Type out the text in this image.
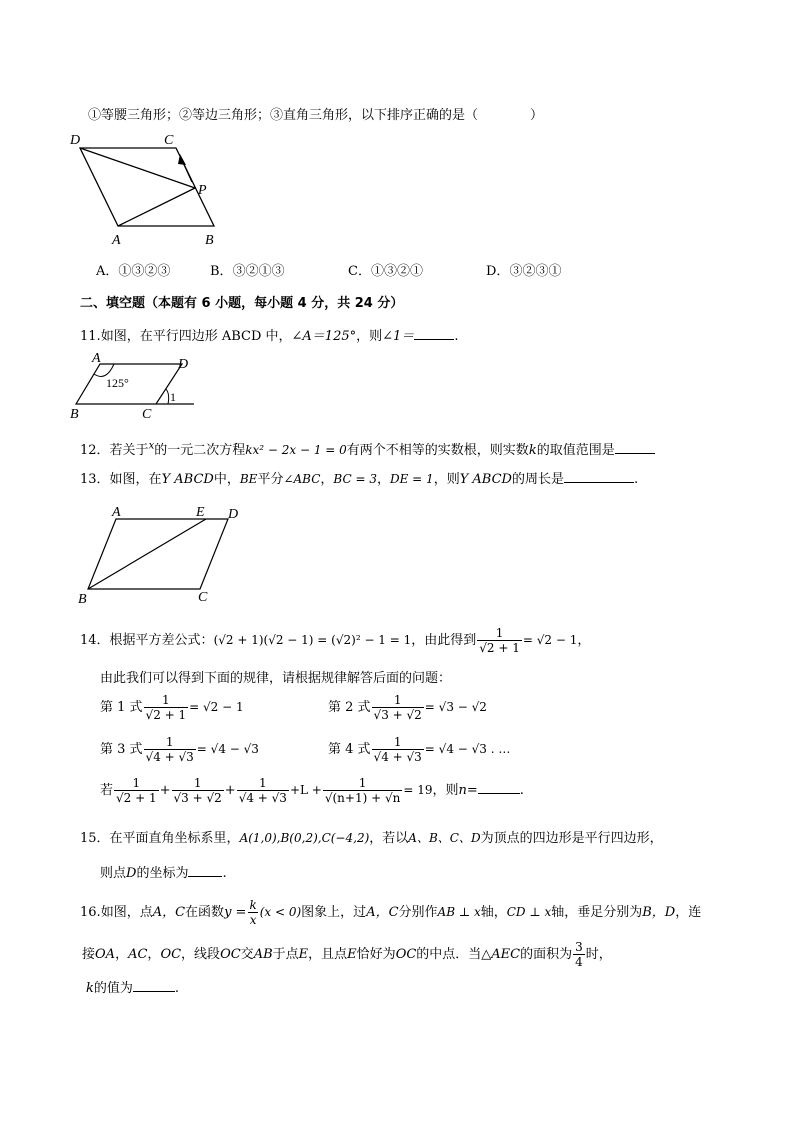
①等腰三角形；②等边三角形；③直角三角形，以下排序正确的是（　　　　）
D	C
P
A	B
A．①③②③	B．③②①③	C．①③②①	D．③②③①
二、填空题（本题有 6 小题，每小题 4 分，共 24 分）
11.如图，在平行四边形 ABCD 中，∠A＝125°，则∠1＝	.
A	D
B	C
125°
1
12．若关于$^x$的一元二次方程kx² − 2x − 1 = 0有两个不相等的实数根，则实数k的取值范围是
13．如图，在Y ABCD中，BE平分∠ABC，BC = 3，DE = 1，则Y ABCD的周长是	.
A	E D
B	C
14．根据平方差公式：(√2 + 1)(√2 − 1) = (√2)² − 1 = 1，由此得到 $\frac{1}{√2 + 1} = √2 - 1$，
由此我们可以得到下面的规律，请根据规律解答后面的问题：
第 1 式 $\frac{1}{√2 + 1} = √2 - 1$	第 2 式 $\frac{1}{√3 + √2} = √3 - √2$
第 3 式 $\frac{1}{√4 + √3} = √4 - √3$	第 4 式 $\frac{1}{√4 + √3} = √4 - √3$ . …
若 $\frac{1}{√2 + 1} + \frac{1}{√3 + √2} + \frac{1}{√4 + √3} +L + \frac{1}{√(n+1) + √n} = 19$，则n=	.
15．在平面直角坐标系里，A(1,0),B(0,2),C(−4,2)，若以A、B、C、D为顶点的四边形是平行四边形，
则点D的坐标为	.
16.如图，点A，C在函数$y = \frac{k}{x} (x < 0)$图象上，过A，C分别作AB ⊥ x轴，CD ⊥ x轴，垂足分别为B，D，连
接OA，AC，OC，线段OC交AB于点E，且点E恰好为OC的中点．当△AEC的面积为 $\frac{3}{4}$ 时，
k的值为	.
